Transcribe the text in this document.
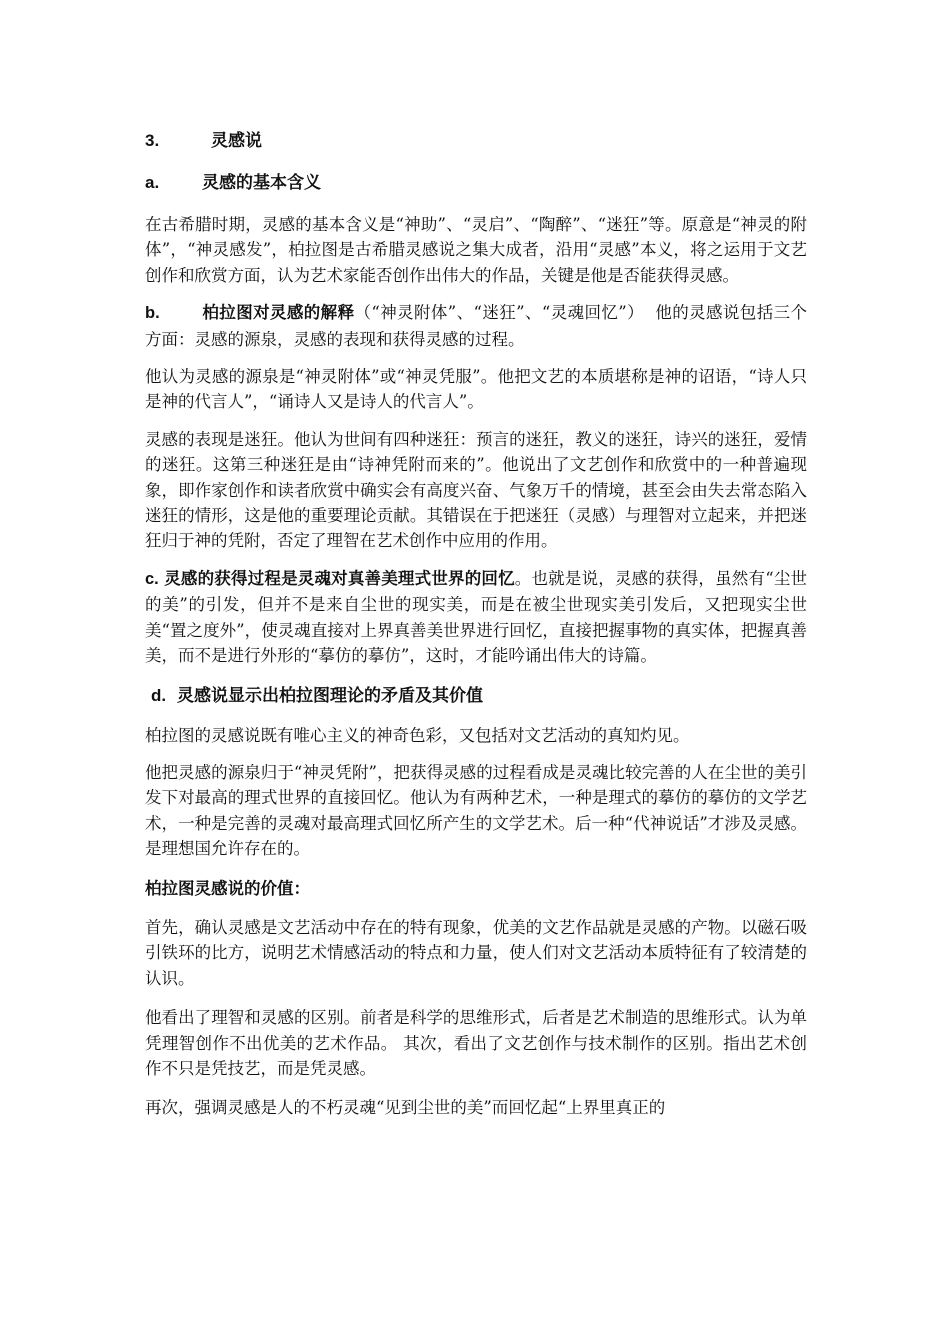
3.	灵感说
a.	灵感的基本含义

在古希腊时期，灵感的基本含义是“神助”、“灵启”、“陶醉”、“迷狂”等。原意是“神灵的附体”，“神灵感发”，柏拉图是古希腊灵感说之集大成者，沿用“灵感”本义，将之运用于文艺创作和欣赏方面，认为艺术家能否创作出伟大的作品，关键是他是否能获得灵感。

b.	柏拉图对灵感的解释（“神灵附体”、“迷狂”、“灵魂回忆”） 他的灵感说包括三个方面：灵感的源泉，灵感的表现和获得灵感的过程。

他认为灵感的源泉是“神灵附体”或“神灵凭服”。他把文艺的本质堪称是神的诏语，“诗人只是神的代言人”，“诵诗人又是诗人的代言人”。

灵感的表现是迷狂。他认为世间有四种迷狂：预言的迷狂，教义的迷狂，诗兴的迷狂，爱情的迷狂。这第三种迷狂是由“诗神凭附而来的”。他说出了文艺创作和欣赏中的一种普遍现象，即作家创作和读者欣赏中确实会有高度兴奋、气象万千的情境，甚至会由失去常态陷入迷狂的情形，这是他的重要理论贡献。其错误在于把迷狂（灵感）与理智对立起来，并把迷狂归于神的凭附，否定了理智在艺术创作中应用的作用。

c. 灵感的获得过程是灵魂对真善美理式世界的回忆。也就是说，灵感的获得，虽然有“尘世的美”的引发，但并不是来自尘世的现实美，而是在被尘世现实美引发后，又把现实尘世美“置之度外”，使灵魂直接对上界真善美世界进行回忆，直接把握事物的真实体，把握真善美，而不是进行外形的“摹仿的摹仿”，这时，才能吟诵出伟大的诗篇。

d. 灵感说显示出柏拉图理论的矛盾及其价值

柏拉图的灵感说既有唯心主义的神奇色彩，又包括对文艺活动的真知灼见。

他把灵感的源泉归于“神灵凭附”，把获得灵感的过程看成是灵魂比较完善的人在尘世的美引发下对最高的理式世界的直接回忆。他认为有两种艺术，一种是理式的摹仿的摹仿的文学艺术，一种是完善的灵魂对最高理式回忆所产生的文学艺术。后一种“代神说话”才涉及灵感。是理想国允许存在的。

柏拉图灵感说的价值：

首先，确认灵感是文艺活动中存在的特有现象，优美的文艺作品就是灵感的产物。以磁石吸引铁环的比方，说明艺术情感活动的特点和力量，使人们对文艺活动本质特征有了较清楚的认识。

他看出了理智和灵感的区别。前者是科学的思维形式，后者是艺术制造的思维形式。认为单凭理智创作不出优美的艺术作品。 其次，看出了文艺创作与技术制作的区别。指出艺术创作不只是凭技艺，而是凭灵感。

再次，强调灵感是人的不朽灵魂“见到尘世的美”而回忆起“上界里真正的
